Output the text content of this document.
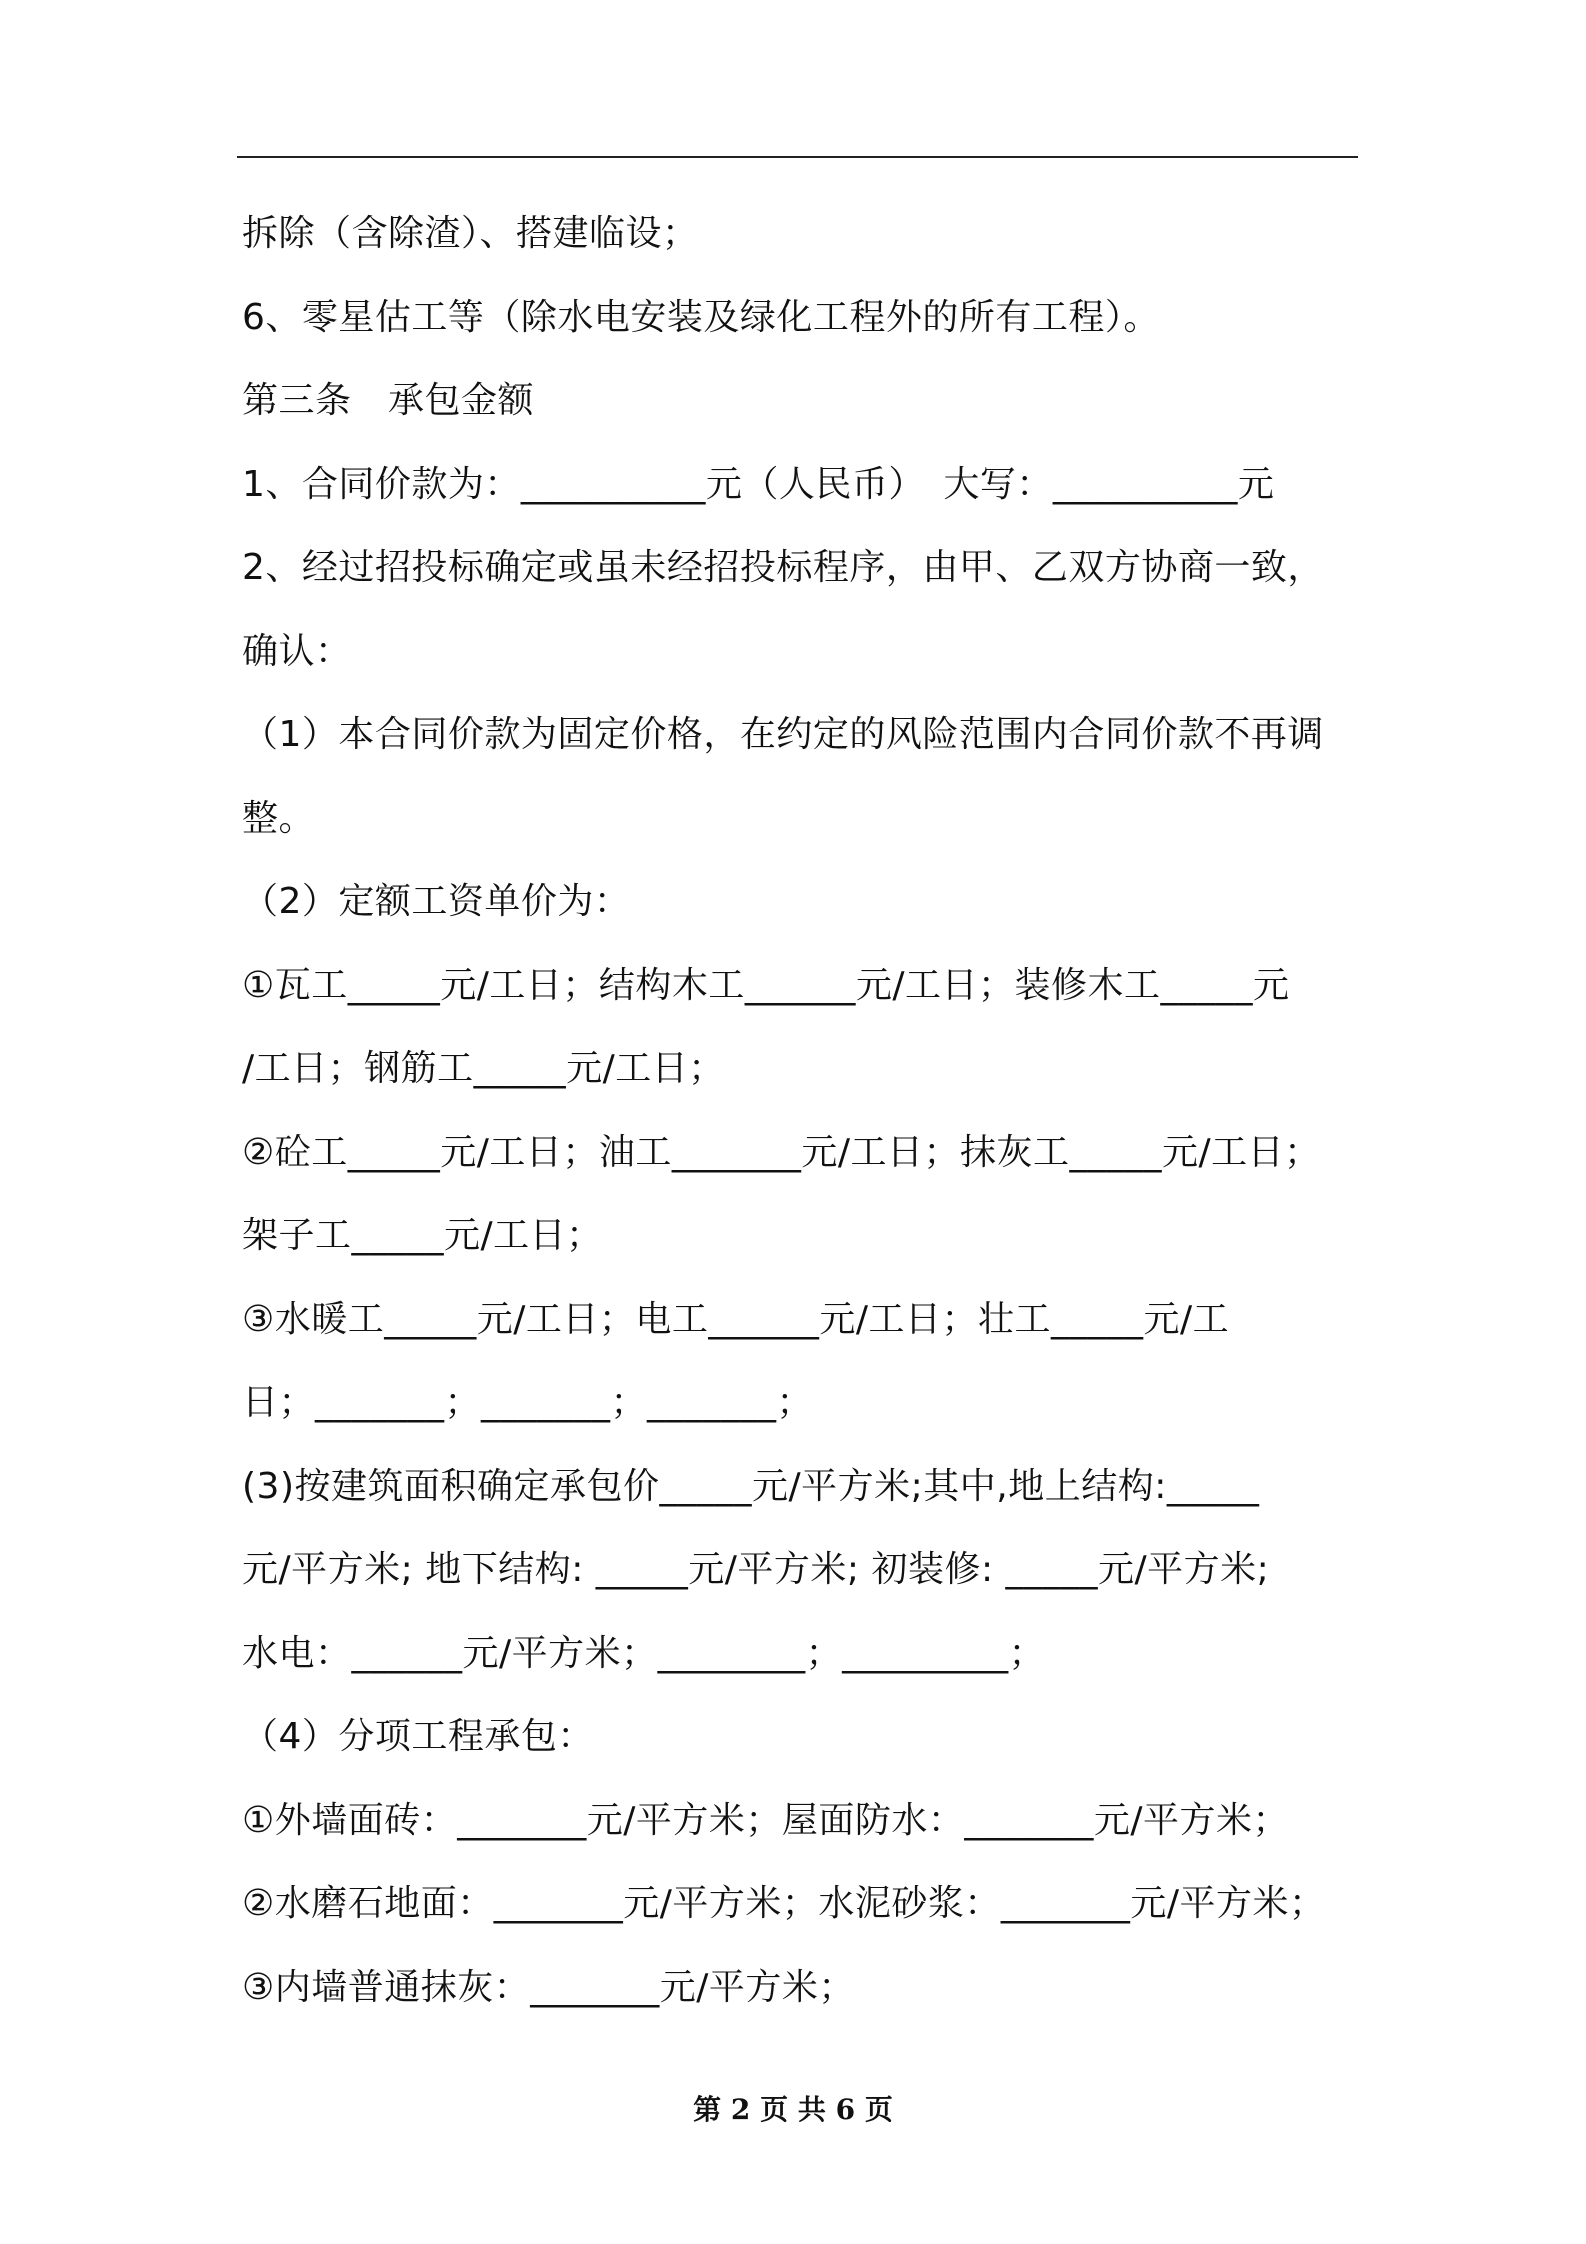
拆除（含除渣）、搭建临设；
6、零星估工等（除水电安装及绿化工程外的所有工程）。
第三条　承包金额
1、合同价款为：__________元（人民币）　大写：__________元
2、经过招投标确定或虽未经招投标程序，由甲、乙双方协商一致，
确认：
（1）本合同价款为固定价格，在约定的风险范围内合同价款不再调
整。
（2）定额工资单价为：
①瓦工_____元/工日；结构木工______元/工日；装修木工_____元
/工日；钢筋工_____元/工日；
②砼工_____元/工日；油工_______元/工日；抹灰工_____元/工日；
架子工_____元/工日；
③水暖工_____元/工日；电工______元/工日；壮工_____元/工
日；_______；_______；_______；
(3)按建筑面积确定承包价_____元/平方米;其中,地上结构:_____
元/平方米; 地下结构: _____元/平方米; 初装修: _____元/平方米;
水电：______元/平方米；________；_________；
（4）分项工程承包：
①外墙面砖：_______元/平方米；屋面防水：_______元/平方米；
②水磨石地面：_______元/平方米；水泥砂浆：_______元/平方米；
③内墙普通抹灰：_______元/平方米；
第 2 页 共 6 页
